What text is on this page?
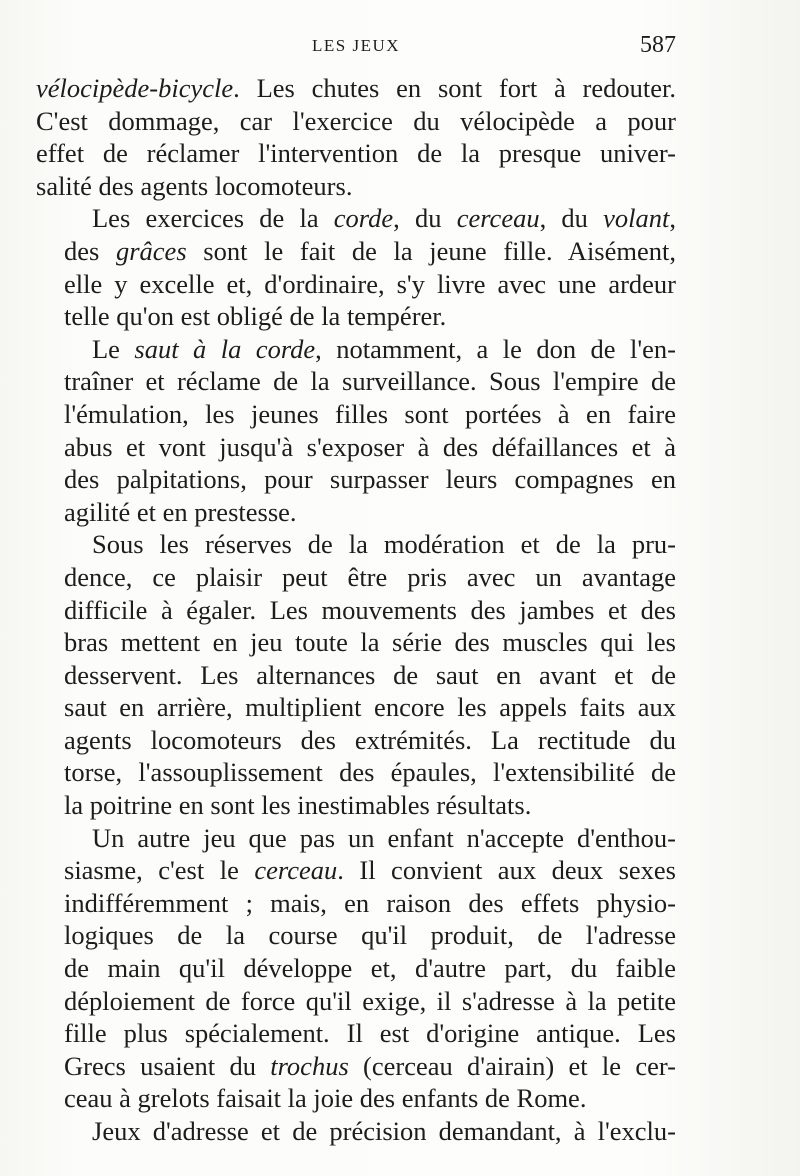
LES JEUX	587

vélocipède-bicycle. Les chutes en sont fort à redouter.
C'est dommage, car l'exercice du vélocipède a pour
effet de réclamer l'intervention de la presque univer-
salité des agents locomoteurs.

Les exercices de la corde, du cerceau, du volant,
des grâces sont le fait de la jeune fille. Aisément,
elle y excelle et, d'ordinaire, s'y livre avec une ardeur
telle qu'on est obligé de la tempérer.

Le saut à la corde, notamment, a le don de l'en-
traîner et réclame de la surveillance. Sous l'empire de
l'émulation, les jeunes filles sont portées à en faire
abus et vont jusqu'à s'exposer à des défaillances et à
des palpitations, pour surpasser leurs compagnes en
agilité et en prestesse.

Sous les réserves de la modération et de la pru-
dence, ce plaisir peut être pris avec un avantage
difficile à égaler. Les mouvements des jambes et des
bras mettent en jeu toute la série des muscles qui les
desservent. Les alternances de saut en avant et de
saut en arrière, multiplient encore les appels faits aux
agents locomoteurs des extrémités. La rectitude du
torse, l'assouplissement des épaules, l'extensibilité de
la poitrine en sont les inestimables résultats.

Un autre jeu que pas un enfant n'accepte d'enthou-
siasme, c'est le cerceau. Il convient aux deux sexes
indifféremment ; mais, en raison des effets physio-
logiques de la course qu'il produit, de l'adresse
de main qu'il développe et, d'autre part, du faible
déploiement de force qu'il exige, il s'adresse à la petite
fille plus spécialement. Il est d'origine antique. Les
Grecs usaient du trochus (cerceau d'airain) et le cer-
ceau à grelots faisait la joie des enfants de Rome.

Jeux d'adresse et de précision demandant, à l'exclu-
